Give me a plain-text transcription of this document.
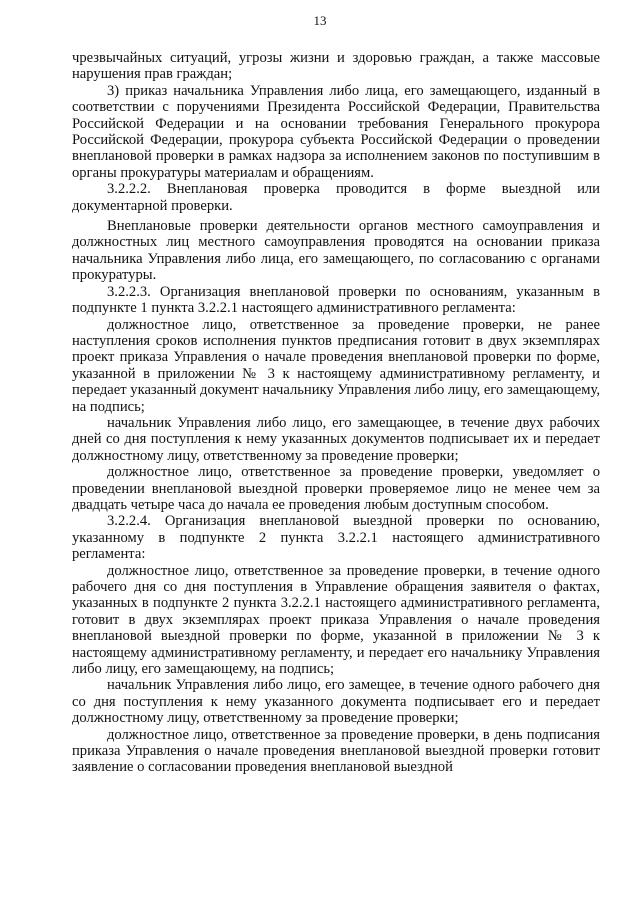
13

чрезвычайных ситуаций, угрозы жизни и здоровью граждан, а также массовые нарушения прав граждан;

3) приказ начальника Управления либо лица, его замещающего, изданный в соответствии с поручениями Президента Российской Федерации, Правительства Российской Федерации и на основании требования Генерального прокурора Российской Федерации, прокурора субъекта Российской Федерации о проведении внеплановой проверки в рамках надзора за исполнением законов по поступившим в органы прокуратуры материалам и обращениям.

3.2.2.2. Внеплановая проверка проводится в форме выездной или документарной проверки.

Внеплановые проверки деятельности органов местного самоуправления и должностных лиц местного самоуправления проводятся на основании приказа начальника Управления либо лица, его замещающего, по согласованию с органами прокуратуры.

3.2.2.3. Организация внеплановой проверки по основаниям, указанным в подпункте 1 пункта 3.2.2.1 настоящего административного регламента:

должностное лицо, ответственное за проведение проверки, не ранее наступления сроков исполнения пунктов предписания готовит в двух экземплярах проект приказа Управления о начале проведения внеплановой проверки по форме, указанной в приложении № 3 к настоящему административному регламенту, и передает указанный документ начальнику Управления либо лицу, его замещающему, на подпись;

начальник Управления либо лицо, его замещающее, в течение двух рабочих дней со дня поступления к нему указанных документов подписывает их и передает должностному лицу, ответственному за проведение проверки;

должностное лицо, ответственное за проведение проверки, уведомляет о проведении внеплановой выездной проверки проверяемое лицо не менее чем за двадцать четыре часа до начала ее проведения любым доступным способом.

3.2.2.4. Организация внеплановой выездной проверки по основанию, указанному в подпункте 2 пункта 3.2.2.1 настоящего административного регламента:

должностное лицо, ответственное за проведение проверки, в течение одного рабочего дня со дня поступления в Управление обращения заявителя о фактах, указанных в подпункте 2 пункта 3.2.2.1 настоящего административного регламента, готовит в двух экземплярах проект приказа Управления о начале проведения внеплановой выездной проверки по форме, указанной в приложении № 3 к настоящему административному регламенту, и передает его начальнику Управления либо лицу, его замещающему, на подпись;

начальник Управления либо лицо, его замещее, в течение одного рабочего дня со дня поступления к нему указанного документа подписывает его и передает должностному лицу, ответственному за проведение проверки;

должностное лицо, ответственное за проведение проверки, в день подписания приказа Управления о начале проведения внеплановой выездной проверки готовит заявление о согласовании проведения внеплановой выездной
